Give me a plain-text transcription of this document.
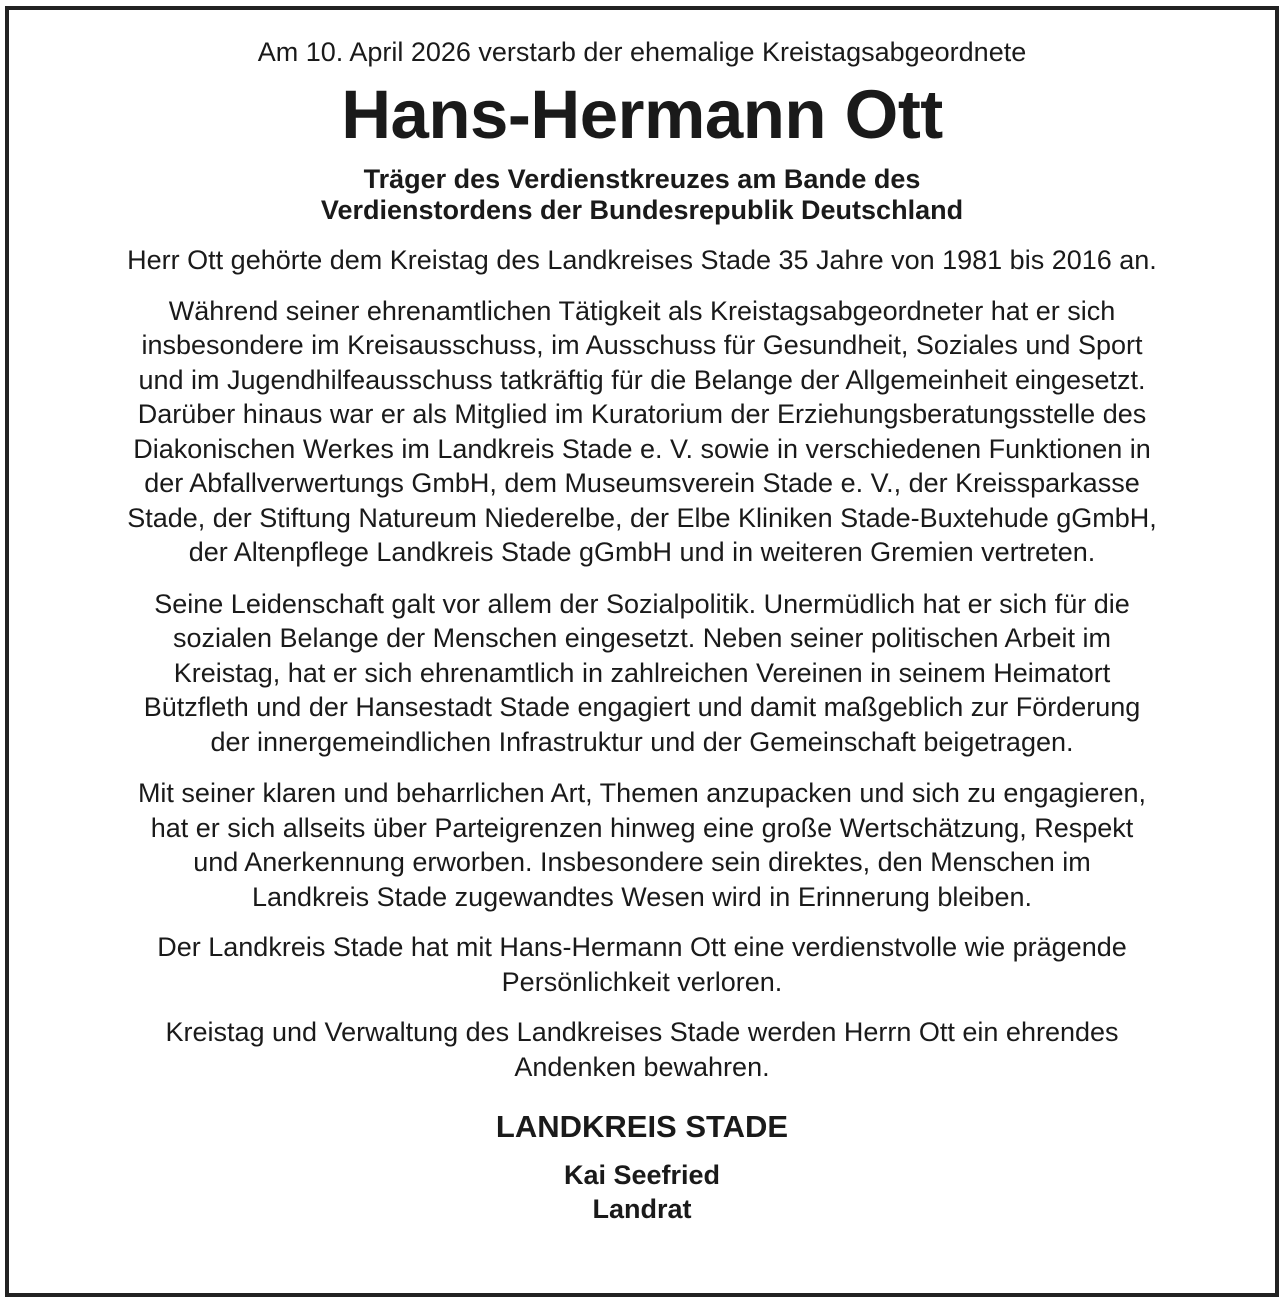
Am 10. April 2026 verstarb der ehemalige Kreistagsabgeordnete

Hans-Hermann Ott
Träger des Verdienstkreuzes am Bande des
Verdienstordens der Bundesrepublik Deutschland
Herr Ott gehörte dem Kreistag des Landkreises Stade 35 Jahre von 1981 bis 2016 an.
Während seiner ehrenamtlichen Tätigkeit als Kreistagsabgeordneter hat er sich
insbesondere im Kreisausschuss, im Ausschuss für Gesundheit, Soziales und Sport
und im Jugendhilfeausschuss tatkräftig für die Belange der Allgemeinheit eingesetzt.
Darüber hinaus war er als Mitglied im Kuratorium der Erziehungsberatungsstelle des
Diakonischen Werkes im Landkreis Stade e. V. sowie in verschiedenen Funktionen in
der Abfallverwertungs GmbH, dem Museumsverein Stade e. V., der Kreissparkasse
Stade, der Stiftung Natureum Niederelbe, der Elbe Kliniken Stade-Buxtehude gGmbH,
der Altenpflege Landkreis Stade gGmbH und in weiteren Gremien vertreten.
Seine Leidenschaft galt vor allem der Sozialpolitik. Unermüdlich hat er sich für die
sozialen Belange der Menschen eingesetzt. Neben seiner politischen Arbeit im
Kreistag, hat er sich ehrenamtlich in zahlreichen Vereinen in seinem Heimatort
Bützfleth und der Hansestadt Stade engagiert und damit maßgeblich zur Förderung
der innergemeindlichen Infrastruktur und der Gemeinschaft beigetragen.
Mit seiner klaren und beharrlichen Art, Themen anzupacken und sich zu engagieren,
hat er sich allseits über Parteigrenzen hinweg eine große Wertschätzung, Respekt
und Anerkennung erworben. Insbesondere sein direktes, den Menschen im
Landkreis Stade zugewandtes Wesen wird in Erinnerung bleiben.
Der Landkreis Stade hat mit Hans-Hermann Ott eine verdienstvolle wie prägende
Persönlichkeit verloren.
Kreistag und Verwaltung des Landkreises Stade werden Herrn Ott ein ehrendes
Andenken bewahren.
LANDKREIS STADE
Kai Seefried
Landrat
